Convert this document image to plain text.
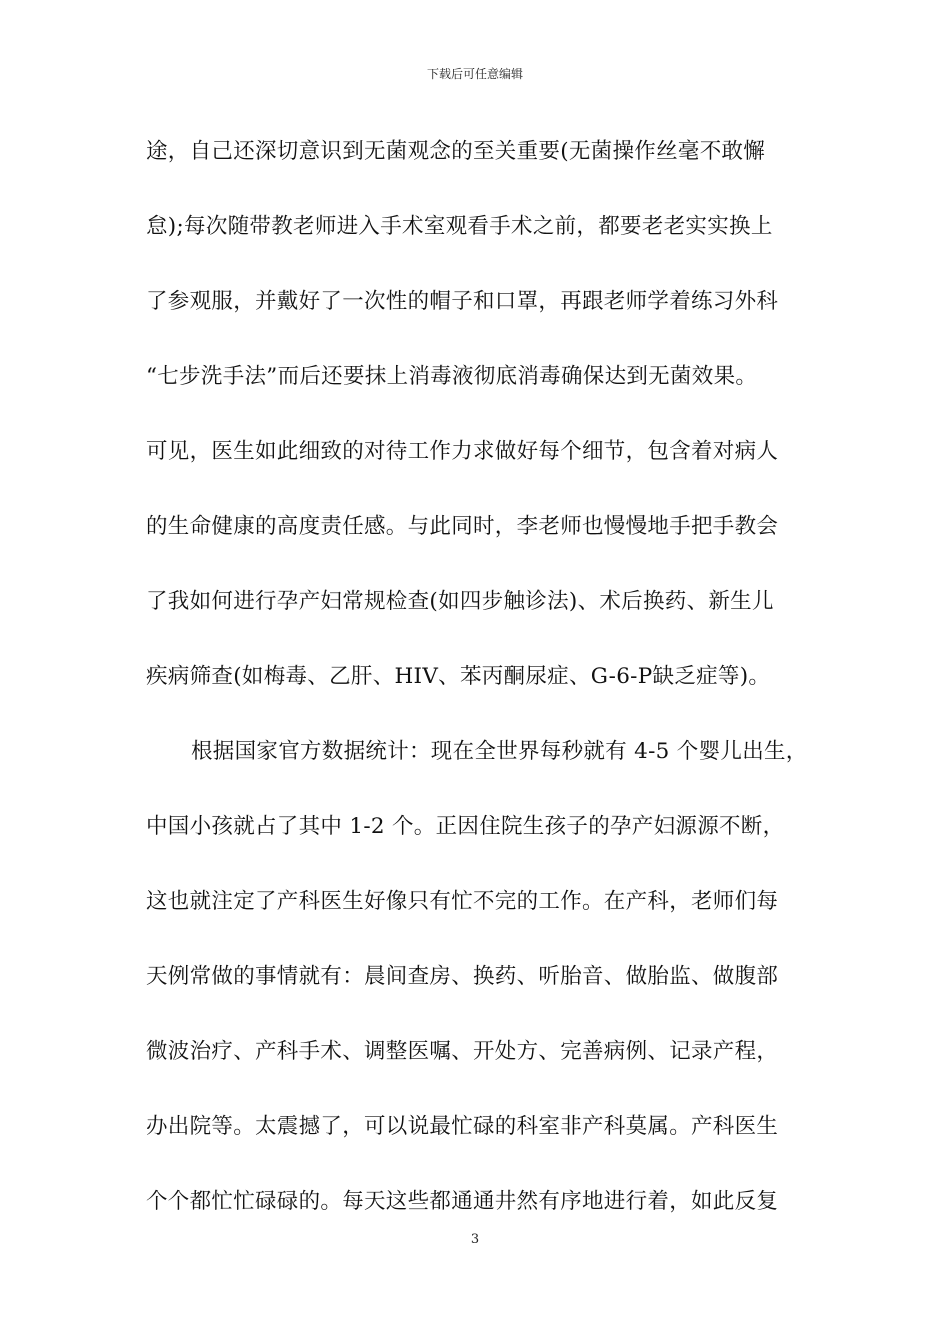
下载后可任意编辑
途，自己还深切意识到无菌观念的至关重要(无菌操作丝毫不敢懈
怠);每次随带教老师进入手术室观看手术之前，都要老老实实换上
了参观服，并戴好了一次性的帽子和口罩，再跟老师学着练习外科
“七步洗手法”而后还要抹上消毒液彻底消毒确保达到无菌效果。
可见，医生如此细致的对待工作力求做好每个细节，包含着对病人
的生命健康的高度责任感。与此同时，李老师也慢慢地手把手教会
了我如何进行孕产妇常规检查(如四步触诊法)、术后换药、新生儿
疾病筛查(如梅毒、乙肝、HIV、苯丙酮尿症、G-6-P缺乏症等)。
根据国家官方数据统计：现在全世界每秒就有 4-5 个婴儿出生，
中国小孩就占了其中 1-2 个。正因住院生孩子的孕产妇源源不断，
这也就注定了产科医生好像只有忙不完的工作。在产科，老师们每
天例常做的事情就有：晨间查房、换药、听胎音、做胎监、做腹部
微波治疗、产科手术、调整医嘱、开处方、完善病例、记录产程，
办出院等。太震撼了，可以说最忙碌的科室非产科莫属。产科医生
个个都忙忙碌碌的。每天这些都通通井然有序地进行着，如此反复
3
